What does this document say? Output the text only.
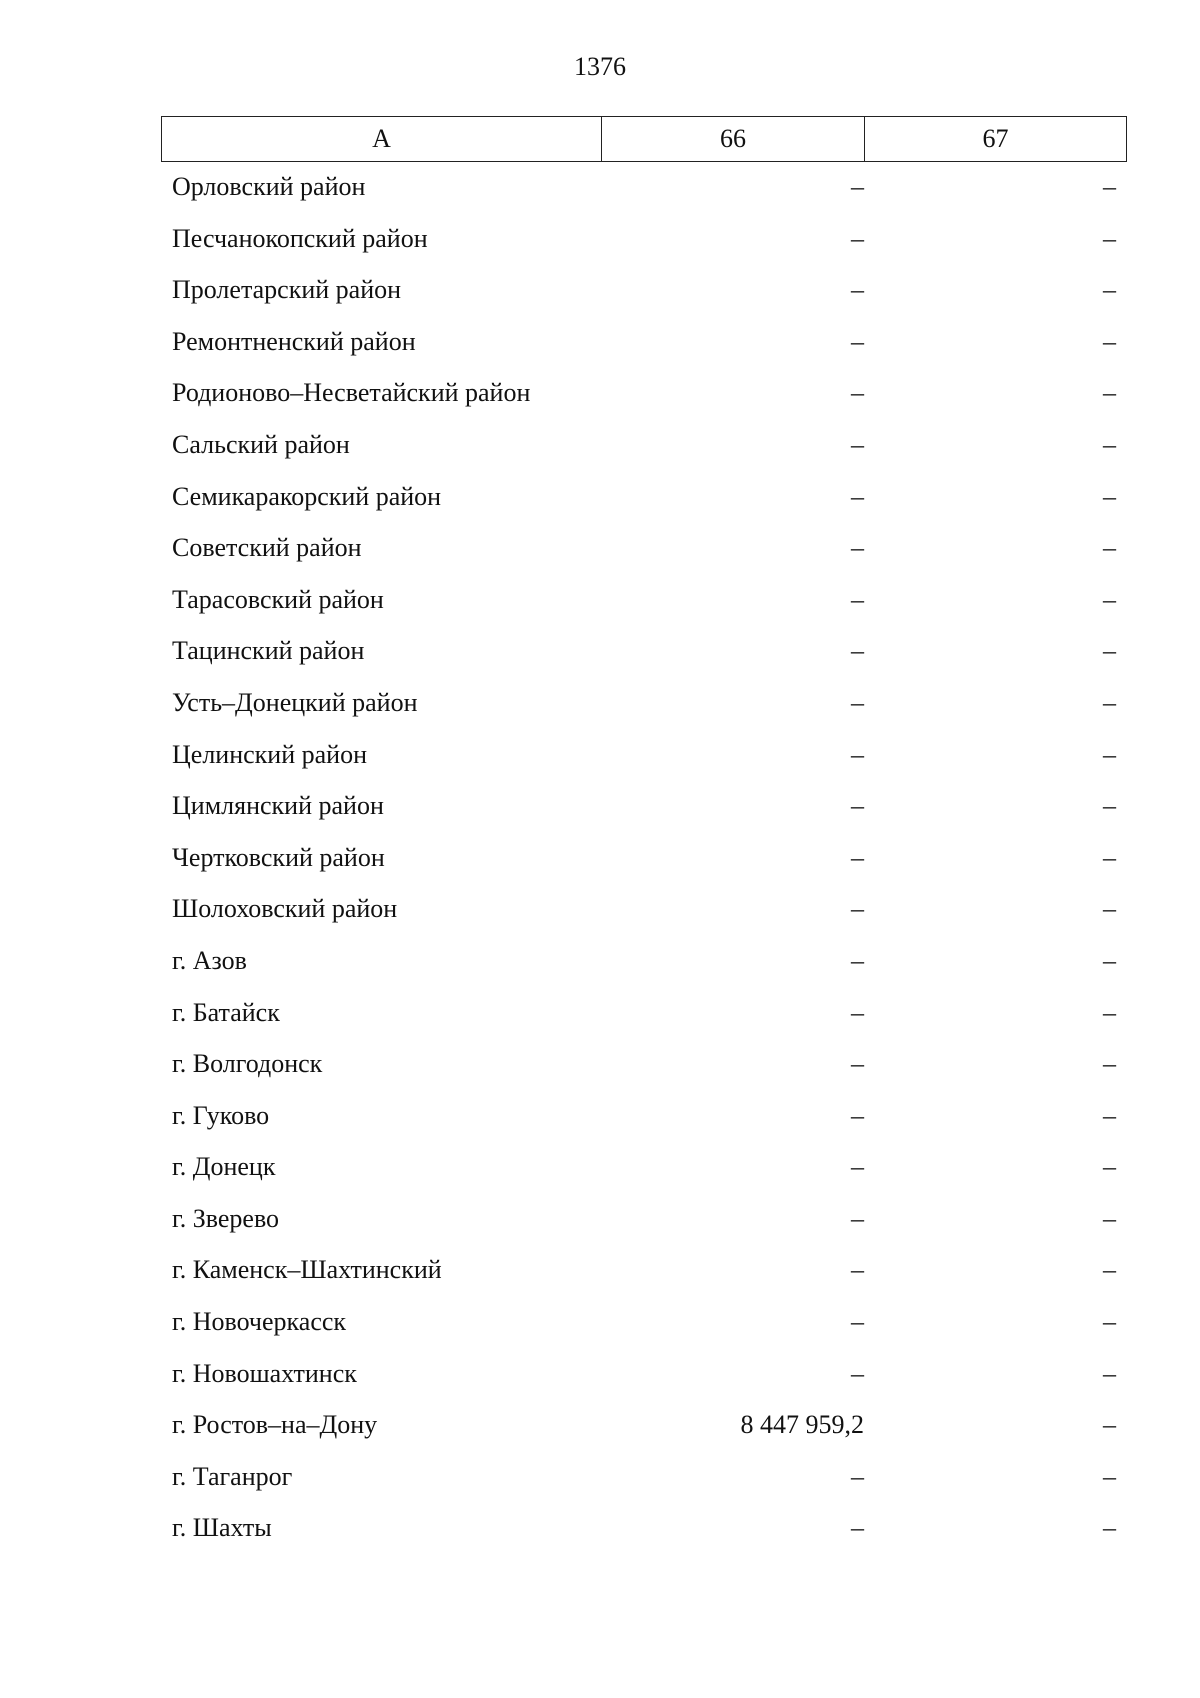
1376
А	66	67
Орловский район	–	–
Песчанокопский район	–	–
Пролетарский район	–	–
Ремонтненский район	–	–
Родионово–Несветайский район	–	–
Сальский район	–	–
Семикаракорский район	–	–
Советский район	–	–
Тарасовский район	–	–
Тацинский район	–	–
Усть–Донецкий район	–	–
Целинский район	–	–
Цимлянский район	–	–
Чертковский район	–	–
Шолоховский район	–	–
г. Азов	–	–
г. Батайск	–	–
г. Волгодонск	–	–
г. Гуково	–	–
г. Донецк	–	–
г. Зверево	–	–
г. Каменск–Шахтинский	–	–
г. Новочеркасск	–	–
г. Новошахтинск	–	–
г. Ростов–на–Дону	8 447 959,2	–
г. Таганрог	–	–
г. Шахты	–	–
